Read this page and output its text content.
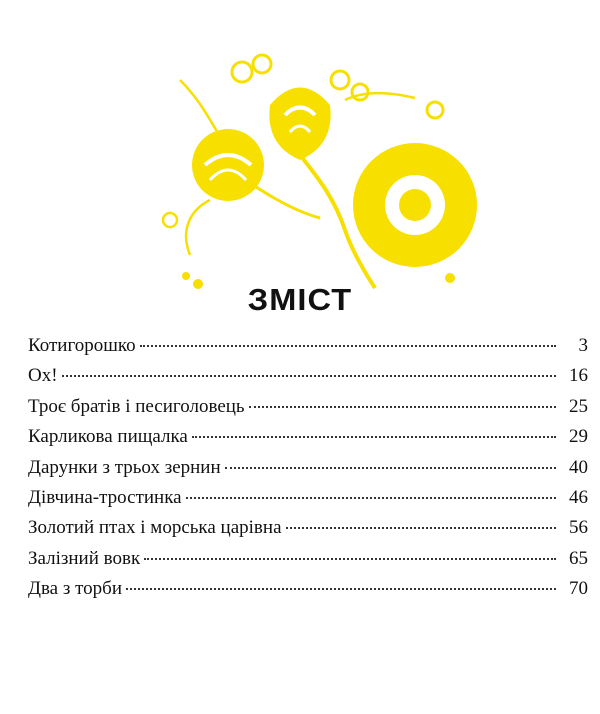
ЗМІСТ
Котигорошко	3
Ох!	16
Троє братів і песиголовець	25
Карликова пищалка	29
Дарунки з трьох зернин	40
Дівчина-тростинка	46
Золотий птах і морська царівна	56
Залізний вовк	65
Два з торби	70
